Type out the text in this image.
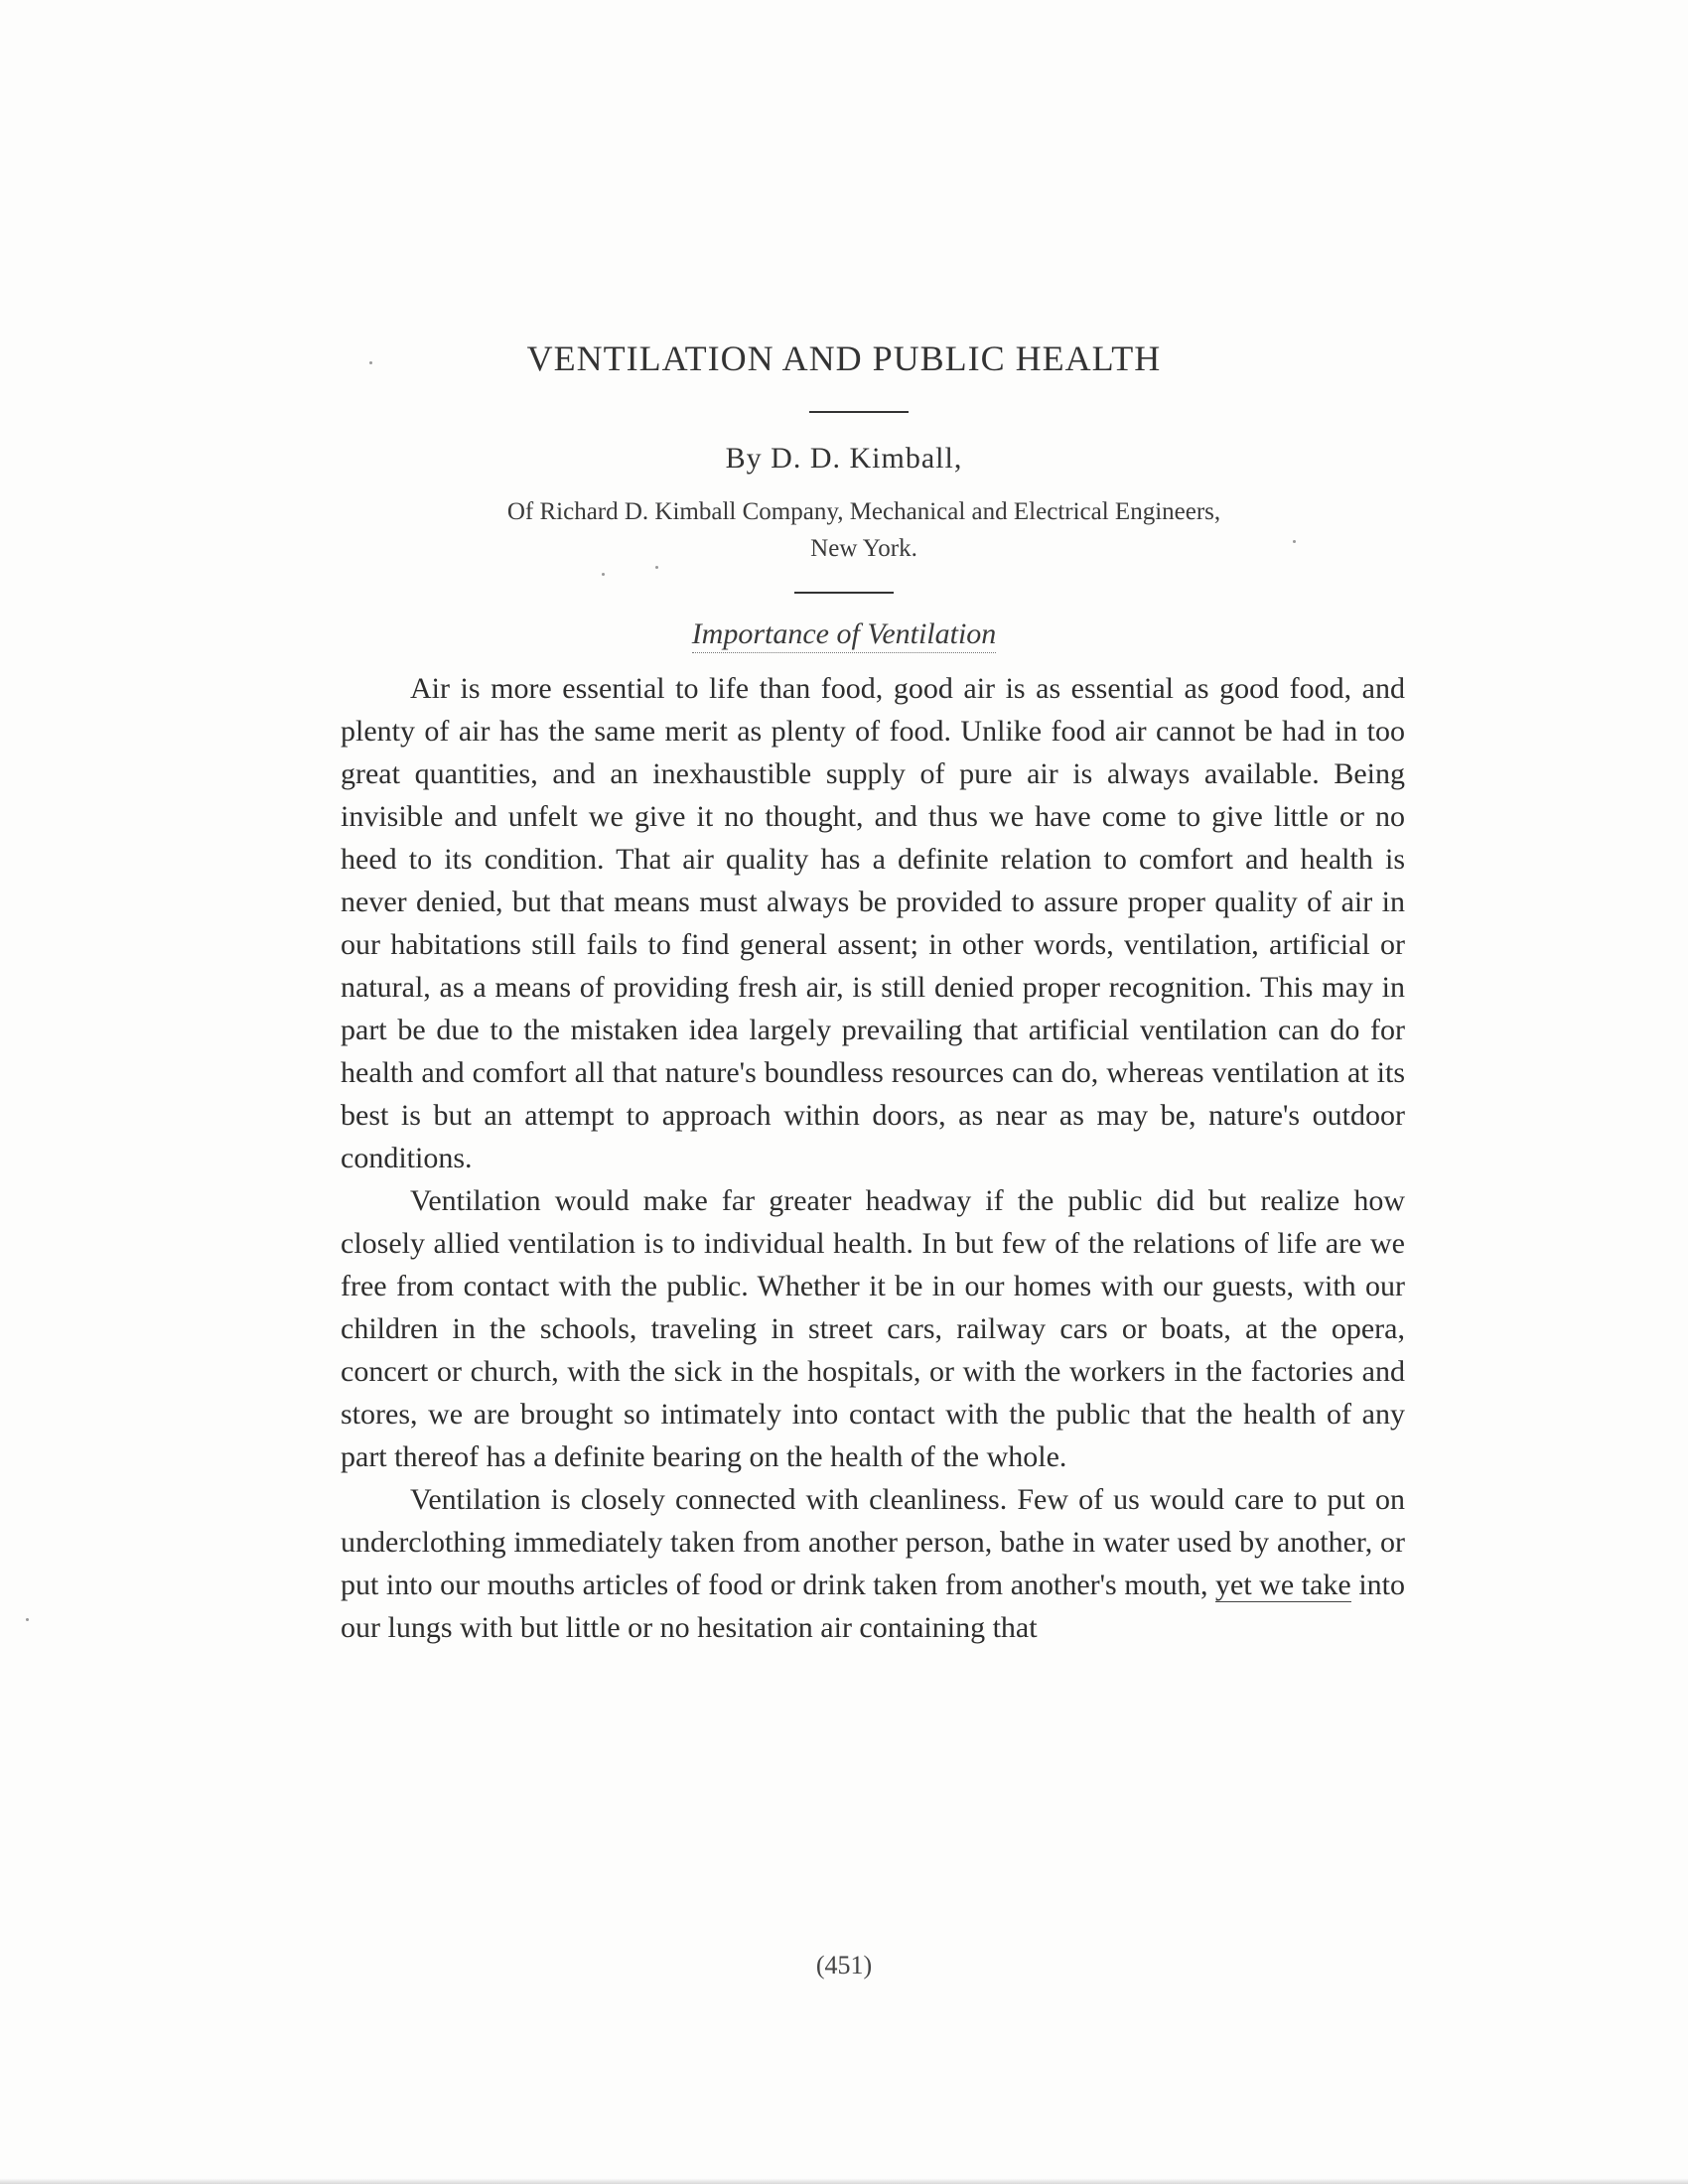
VENTILATION AND PUBLIC HEALTH
By D. D. Kimball,
Of Richard D. Kimball Company, Mechanical and Electrical Engineers,
New York.
Importance of Ventilation

Air is more essential to life than food, good air is as essential as good food, and plenty of air has the same merit as plenty of food. Unlike food air cannot be had in too great quantities, and an inexhaustible supply of pure air is always available. Being invisible and unfelt we give it no thought, and thus we have come to give little or no heed to its condition. That air quality has a definite relation to comfort and health is never denied, but that means must always be provided to assure proper quality of air in our habitations still fails to find general assent; in other words, ventilation, artificial or natural, as a means of providing fresh air, is still denied proper recognition. This may in part be due to the mistaken idea largely prevailing that artificial ventilation can do for health and comfort all that nature's boundless resources can do, whereas ventilation at its best is but an attempt to approach within doors, as near as may be, nature's outdoor conditions.

Ventilation would make far greater headway if the public did but realize how closely allied ventilation is to individual health. In but few of the relations of life are we free from contact with the public. Whether it be in our homes with our guests, with our children in the schools, traveling in street cars, railway cars or boats, at the opera, concert or church, with the sick in the hospitals, or with the workers in the factories and stores, we are brought so intimately into contact with the public that the health of any part thereof has a definite bearing on the health of the whole.

Ventilation is closely connected with cleanliness. Few of us would care to put on underclothing immediately taken from another person, bathe in water used by another, or put into our mouths articles of food or drink taken from another's mouth, yet we take into our lungs with but little or no hesitation air containing that

(451)
